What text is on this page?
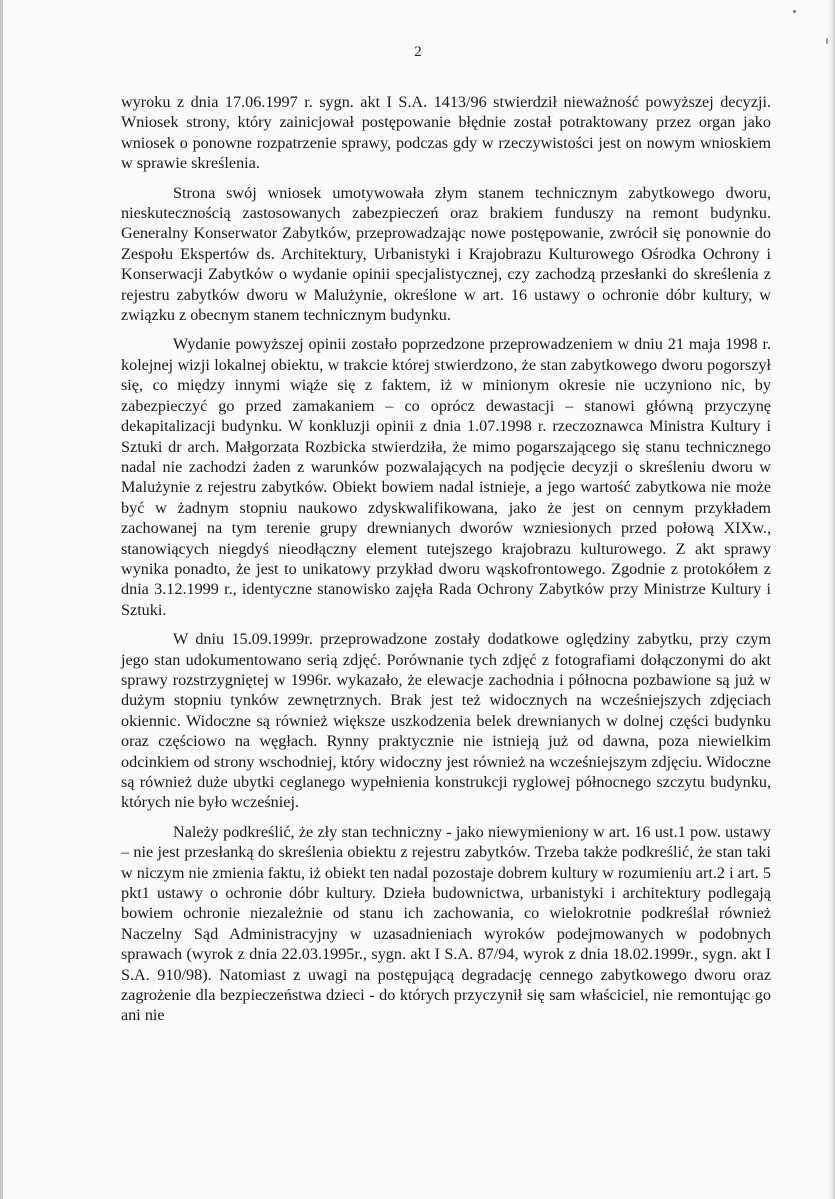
2

wyroku z dnia 17.06.1997 r. sygn. akt I S.A. 1413/96 stwierdził nieważność powyższej decyzji. Wniosek strony, który zainicjował postępowanie błędnie został potraktowany przez organ jako wniosek o ponowne rozpatrzenie sprawy, podczas gdy w rzeczywistości jest on nowym wnioskiem w sprawie skreślenia.

Strona swój wniosek umotywowała złym stanem technicznym zabytkowego dworu, nieskutecznością zastosowanych zabezpieczeń oraz brakiem funduszy na remont budynku. Generalny Konserwator Zabytków, przeprowadzając nowe postępowanie, zwrócił się ponownie do Zespołu Ekspertów ds. Architektury, Urbanistyki i Krajobrazu Kulturowego Ośrodka Ochrony i Konserwacji Zabytków o wydanie opinii specjalistycznej, czy zachodzą przesłanki do skreślenia z rejestru zabytków dworu w Malużynie, określone w art. 16 ustawy o ochronie dóbr kultury, w związku z obecnym stanem technicznym budynku.

Wydanie powyższej opinii zostało poprzedzone przeprowadzeniem w dniu 21 maja 1998 r. kolejnej wizji lokalnej obiektu, w trakcie której stwierdzono, że stan zabytkowego dworu pogorszył się, co między innymi wiąże się z faktem, iż w minionym okresie nie uczyniono nic, by zabezpieczyć go przed zamakaniem – co oprócz dewastacji – stanowi główną przyczynę dekapitalizacji budynku. W konkluzji opinii z dnia 1.07.1998 r. rzeczoznawca Ministra Kultury i Sztuki dr arch. Małgorzata Rozbicka stwierdziła, że mimo pogarszającego się stanu technicznego nadal nie zachodzi żaden z warunków pozwalających na podjęcie decyzji o skreśleniu dworu w Malużynie z rejestru zabytków. Obiekt bowiem nadal istnieje, a jego wartość zabytkowa nie może być w żadnym stopniu naukowo zdyskwalifikowana, jako że jest on cennym przykładem zachowanej na tym terenie grupy drewnianych dworów wzniesionych przed połową XIXw., stanowiących niegdyś nieodłączny element tutejszego krajobrazu kulturowego. Z akt sprawy wynika ponadto, że jest to unikatowy przykład dworu wąskofrontowego. Zgodnie z protokółem z dnia 3.12.1999 r., identyczne stanowisko zajęła Rada Ochrony Zabytków przy Ministrze Kultury i Sztuki.

W dniu 15.09.1999r. przeprowadzone zostały dodatkowe oględziny zabytku, przy czym jego stan udokumentowano serią zdjęć. Porównanie tych zdjęć z fotografiami dołączonymi do akt sprawy rozstrzygniętej w 1996r. wykazało, że elewacje zachodnia i północna pozbawione są już w dużym stopniu tynków zewnętrznych. Brak jest też widocznych na wcześniejszych zdjęciach okiennic. Widoczne są również większe uszkodzenia belek drewnianych w dolnej części budynku oraz częściowo na węgłach. Rynny praktycznie nie istnieją już od dawna, poza niewielkim odcinkiem od strony wschodniej, który widoczny jest również na wcześniejszym zdjęciu. Widoczne są również duże ubytki ceglanego wypełnienia konstrukcji ryglowej północnego szczytu budynku, których nie było wcześniej.

Należy podkreślić, że zły stan techniczny - jako niewymieniony w art. 16 ust.1 pow. ustawy – nie jest przesłanką do skreślenia obiektu z rejestru zabytków. Trzeba także podkreślić, że stan taki w niczym nie zmienia faktu, iż obiekt ten nadal pozostaje dobrem kultury w rozumieniu art.2 i art. 5 pkt1 ustawy o ochronie dóbr kultury. Dzieła budownictwa, urbanistyki i architektury podlegają bowiem ochronie niezależnie od stanu ich zachowania, co wielokrotnie podkreślał również Naczelny Sąd Administracyjny w uzasadnieniach wyroków podejmowanych w podobnych sprawach (wyrok z dnia 22.03.1995r., sygn. akt I S.A. 87/94, wyrok z dnia 18.02.1999r., sygn. akt I S.A. 910/98). Natomiast z uwagi na postępującą degradację cennego zabytkowego dworu oraz zagrożenie dla bezpieczeństwa dzieci - do których przyczynił się sam właściciel, nie remontując go ani nie
